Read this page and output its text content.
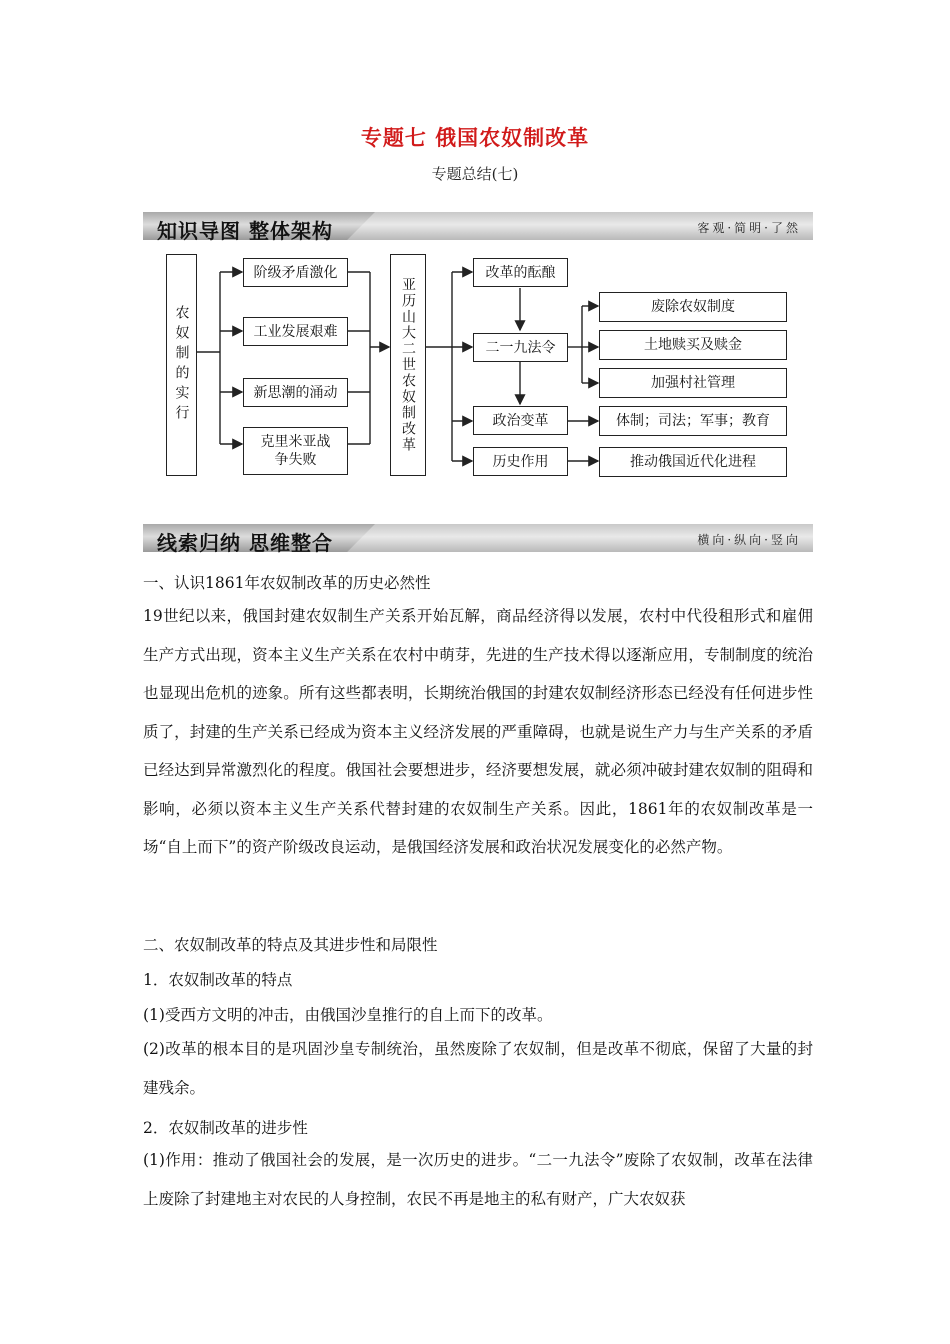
专题七 俄国农奴制改革
专题总结(七)
知识导图 整体架构	客观·简明·了然
农奴制的实行
阶级矛盾激化
工业发展艰难
新思潮的涌动
克里米亚战争失败
亚历山大二世农奴制改革
改革的酝酿
二一九法令
政治变革
历史作用
废除农奴制度
土地赎买及赎金
加强村社管理
体制；司法；军事；教育
推动俄国近代化进程
线索归纳 思维整合	横向·纵向·竖向
一、认识1861年农奴制改革的历史必然性
19世纪以来，俄国封建农奴制生产关系开始瓦解，商品经济得以发展，农村中代役租形式和雇佣生产方式出现，资本主义生产关系在农村中萌芽，先进的生产技术得以逐渐应用，专制制度的统治也显现出危机的迹象。所有这些都表明，长期统治俄国的封建农奴制经济形态已经没有任何进步性质了，封建的生产关系已经成为资本主义经济发展的严重障碍，也就是说生产力与生产关系的矛盾已经达到异常激烈化的程度。俄国社会要想进步，经济要想发展，就必须冲破封建农奴制的阻碍和影响，必须以资本主义生产关系代替封建的农奴制生产关系。因此，1861年的农奴制改革是一场“自上而下”的资产阶级改良运动，是俄国经济发展和政治状况发展变化的必然产物。
二、农奴制改革的特点及其进步性和局限性
1．农奴制改革的特点
(1)受西方文明的冲击，由俄国沙皇推行的自上而下的改革。
(2)改革的根本目的是巩固沙皇专制统治，虽然废除了农奴制，但是改革不彻底，保留了大量的封建残余。
2．农奴制改革的进步性
(1)作用：推动了俄国社会的发展，是一次历史的进步。“二一九法令”废除了农奴制，改革在法律上废除了封建地主对农民的人身控制，农民不再是地主的私有财产，广大农奴获
